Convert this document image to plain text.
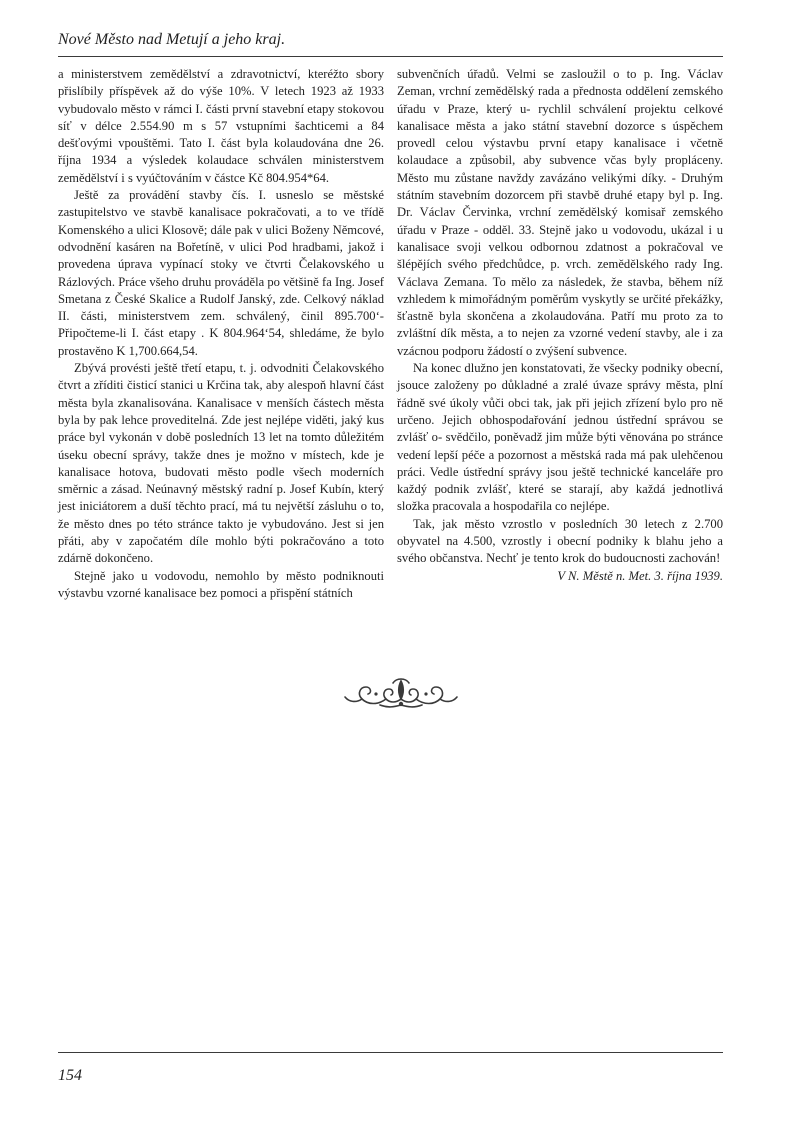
Nové Město nad Metují a jeho kraj.

a ministerstvem zemědělství a zdravotnictví, kteréžto sbory přislíbily příspěvek až do výše 10%. V letech 1923 až 1933 vybudovalo město v rámci I. části první stavební etapy stokovou síť v délce 2.554.90 m s 57 vstupními šachticemi a 84 dešťovými vpouštěmi. Tato I. část byla kolaudována dne 26. října 1934 a výsledek kolaudace schválen ministerstvem zemědělství i s vyúčtováním v částce Kč 804.954*64.

Ještě za provádění stavby čís. I. usneslo se městské zastupitelstvo ve stavbě kanalisace pokračovati, a to ve třídě Komenského a ulici Klosově; dále pak v ulici Boženy Němcové, odvodnění kasáren na Bořetíně, v ulici Pod hradbami, jakož i provedena úprava vypínací stoky ve čtvrti Čelakovského u Rázlových. Práce všeho druhu prováděla po většině fa Ing. Josef Smetana z České Skalice a Rudolf Janský, zde. Celkový náklad II. části, ministerstvem zem. schválený, činil 895.700‘- Připočteme-li I. část etapy . K 804.964‘54, shledáme, že bylo prostavěno K 1,700.664,54.

Zbývá provésti ještě třetí etapu, t. j. odvodniti Čelakovského čtvrt a zříditi čisticí stanici u Krčina tak, aby alespoň hlavní část města byla zkanalisována. Kanalisace v menších částech města byla by pak lehce proveditelná. Zde jest nejlépe viděti, jaký kus práce byl vykonán v době posledních 13 let na tomto důležitém úseku obecní správy, takže dnes je možno v místech, kde je kanalisace hotova, budovati město podle všech moderních směrnic a zásad. Neúnavný městský radní p. Josef Kubín, který jest iniciátorem a duší těchto prací, má tu největší zásluhu o to, že město dnes po této stránce takto je vybudováno. Jest si jen přáti, aby v započatém díle mohlo býti pokračováno a toto zdárně dokončeno.

Stejně jako u vodovodu, nemohlo by město podniknouti výstavbu vzorné kanalisace bez pomoci a přispění státních

subvenčních úřadů. Velmi se zasloužil o to p. Ing. Václav Zeman, vrchní zemědělský rada a přednosta oddělení zemského úřadu v Praze, který u- rychlil schválení projektu celkové kanalisace města a jako státní stavební dozorce s úspěchem provedl celou výstavbu první etapy kanalisace i včetně kolaudace a způsobil, aby subvence včas byly propláceny. Město mu zůstane navždy zavázáno velikými díky. - Druhým státním stavebním dozorcem při stavbě druhé etapy byl p. Ing. Dr. Václav Červinka, vrchní zemědělský komisař zemského úřadu v Praze - odděl. 33. Stejně jako u vodovodu, ukázal i u kanalisace svoji velkou odbornou zdatnost a pokračoval ve šlépějích svého předchůdce, p. vrch. zemědělského rady Ing. Václava Zemana. To mělo za následek, že stavba, během níž vzhledem k mimořádným poměrům vyskytly se určité překážky, šťastně byla skončena a zkolaudována. Patří mu proto za to zvláštní dík města, a to nejen za vzorné vedení stavby, ale i za vzácnou podporu žádostí o zvýšení subvence.

Na konec dlužno jen konstatovati, že všecky podniky obecní, jsouce založeny po důkladné a zralé úvaze správy města, plní řádně své úkoly vůči obci tak, jak při jejich zřízení bylo pro ně určeno. Jejich obhospodařování jednou ústřední správou se zvlášť o- svědčilo, poněvadž jim může býti věnována po stránce vedení lepší péče a pozornost a městská rada má pak ulehčenou práci. Vedle ústřední správy jsou ještě technické kanceláře pro každý podnik zvlášť, které se starají, aby každá jednotlivá složka pracovala a hospodařila co nejlépe.

Tak, jak město vzrostlo v posledních 30 letech z 2.700 obyvatel na 4.500, vzrostly i obecní podniky k blahu jeho a svého občanstva. Nechť je tento krok do budoucnosti zachován!

V N. Městě n. Met. 3. října 1939.

154
